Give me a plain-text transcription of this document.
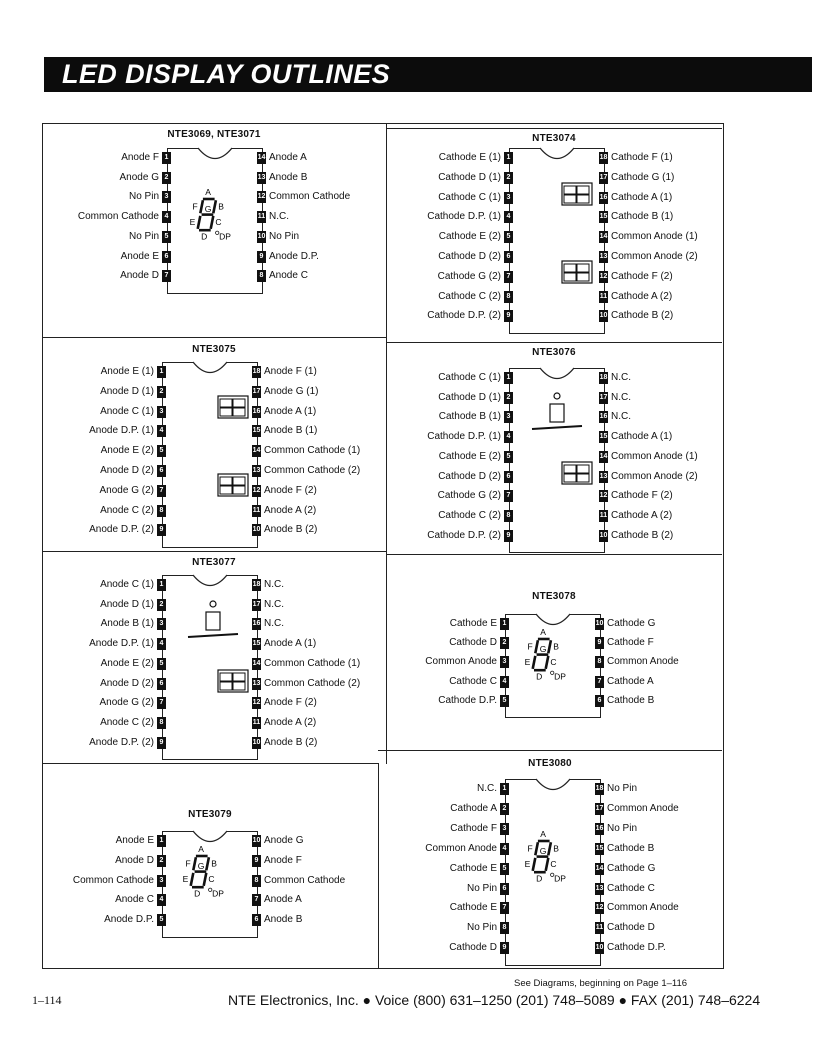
LED DISPLAY OUTLINES
NTE3069, NTE3071
1
Anode F	14 Anode A
2
Anode G	13 Anode B
3
No Pin	12 Common Cathode
4
Common Cathode	11 N.C.
5
No Pin	10 No Pin
6
Anode E	9 Anode D.P.
7
Anode D	8 Anode C
A
B
C
D
E
F G
DP
NTE3074
1
Cathode E (1)	18 Cathode F (1)
2
Cathode D (1)	17 Cathode G (1)
3
Cathode C (1)	16 Cathode A (1)
4
Cathode D.P. (1)	15 Cathode B (1)
5
Cathode E (2)	14 Common Anode (1)
6
Cathode D (2)	13 Common Anode (2)
7
Cathode G (2)	12 Cathode F (2)
8
Cathode C (2)	11 Cathode A (2)
9
Cathode D.P. (2)	10 Cathode B (2)
NTE3075
1
Anode E (1)	18 Anode F (1)
2
Anode D (1)	17 Anode G (1)
3
Anode C (1)	16 Anode A (1)
4
Anode D.P. (1)	15 Anode B (1)
5
Anode E (2)	14 Common Cathode (1)
6
Anode D (2)	13 Common Cathode (2)
7
Anode G (2)	12 Anode F (2)
8
Anode C (2)	11 Anode A (2)
9
Anode D.P. (2)	10 Anode B (2)
NTE3076
1
Cathode C (1)	18 N.C.
2
Cathode D (1)	17 N.C.
3
Cathode B (1)	16 N.C.
4
Cathode D.P. (1)	15 Cathode A (1)
5
Cathode E (2)	14 Common Anode (1)
6
Cathode D (2)	13 Common Anode (2)
7
Cathode G (2)	12 Cathode F (2)
8
Cathode C (2)	11 Cathode A (2)
9
Cathode D.P. (2)	10 Cathode B (2)
NTE3077
1
Anode C (1)	18 N.C.
2
Anode D (1)	17 N.C.
3
Anode B (1)	16 N.C.
4
Anode D.P. (1)	15 Anode A (1)
5
Anode E (2)	14 Common Cathode (1)
6
Anode D (2)	13 Common Cathode (2)
7
Anode G (2)	12 Anode F (2)
8
Anode C (2)	11 Anode A (2)
9
Anode D.P. (2)	10 Anode B (2)
NTE3078
1
Cathode E	10 Cathode G
2
Cathode D	9 Cathode F
3
Common Anode	8 Common Anode
4
Cathode C	7 Cathode A
5
Cathode D.P.	6 Cathode B
A
B
C
D
E
F G
DP
NTE3079
1
Anode E	10 Anode G
2
Anode D	9 Anode F
3
Common Cathode	8 Common Cathode
4
Anode C	7 Anode A
5
Anode D.P.	6 Anode B
A
B
C
D
E
F G
DP
NTE3080
1
N.C.	18 No Pin
2
Cathode A	17 Common Anode
3
Cathode F	16 No Pin
4
Common Anode	15 Cathode B
5
Cathode E	14 Cathode G
6
No Pin	13 Cathode C
7
Cathode E	12 Common Anode
8
No Pin	11 Cathode D
9
Cathode D	10 Cathode D.P.
A
B
C
D
E
F G
DP
See Diagrams, beginning on Page 1–116
1–114	NTE Electronics, Inc. ● Voice (800) 631–1250 (201) 748–5089 ● FAX (201) 748–6224
